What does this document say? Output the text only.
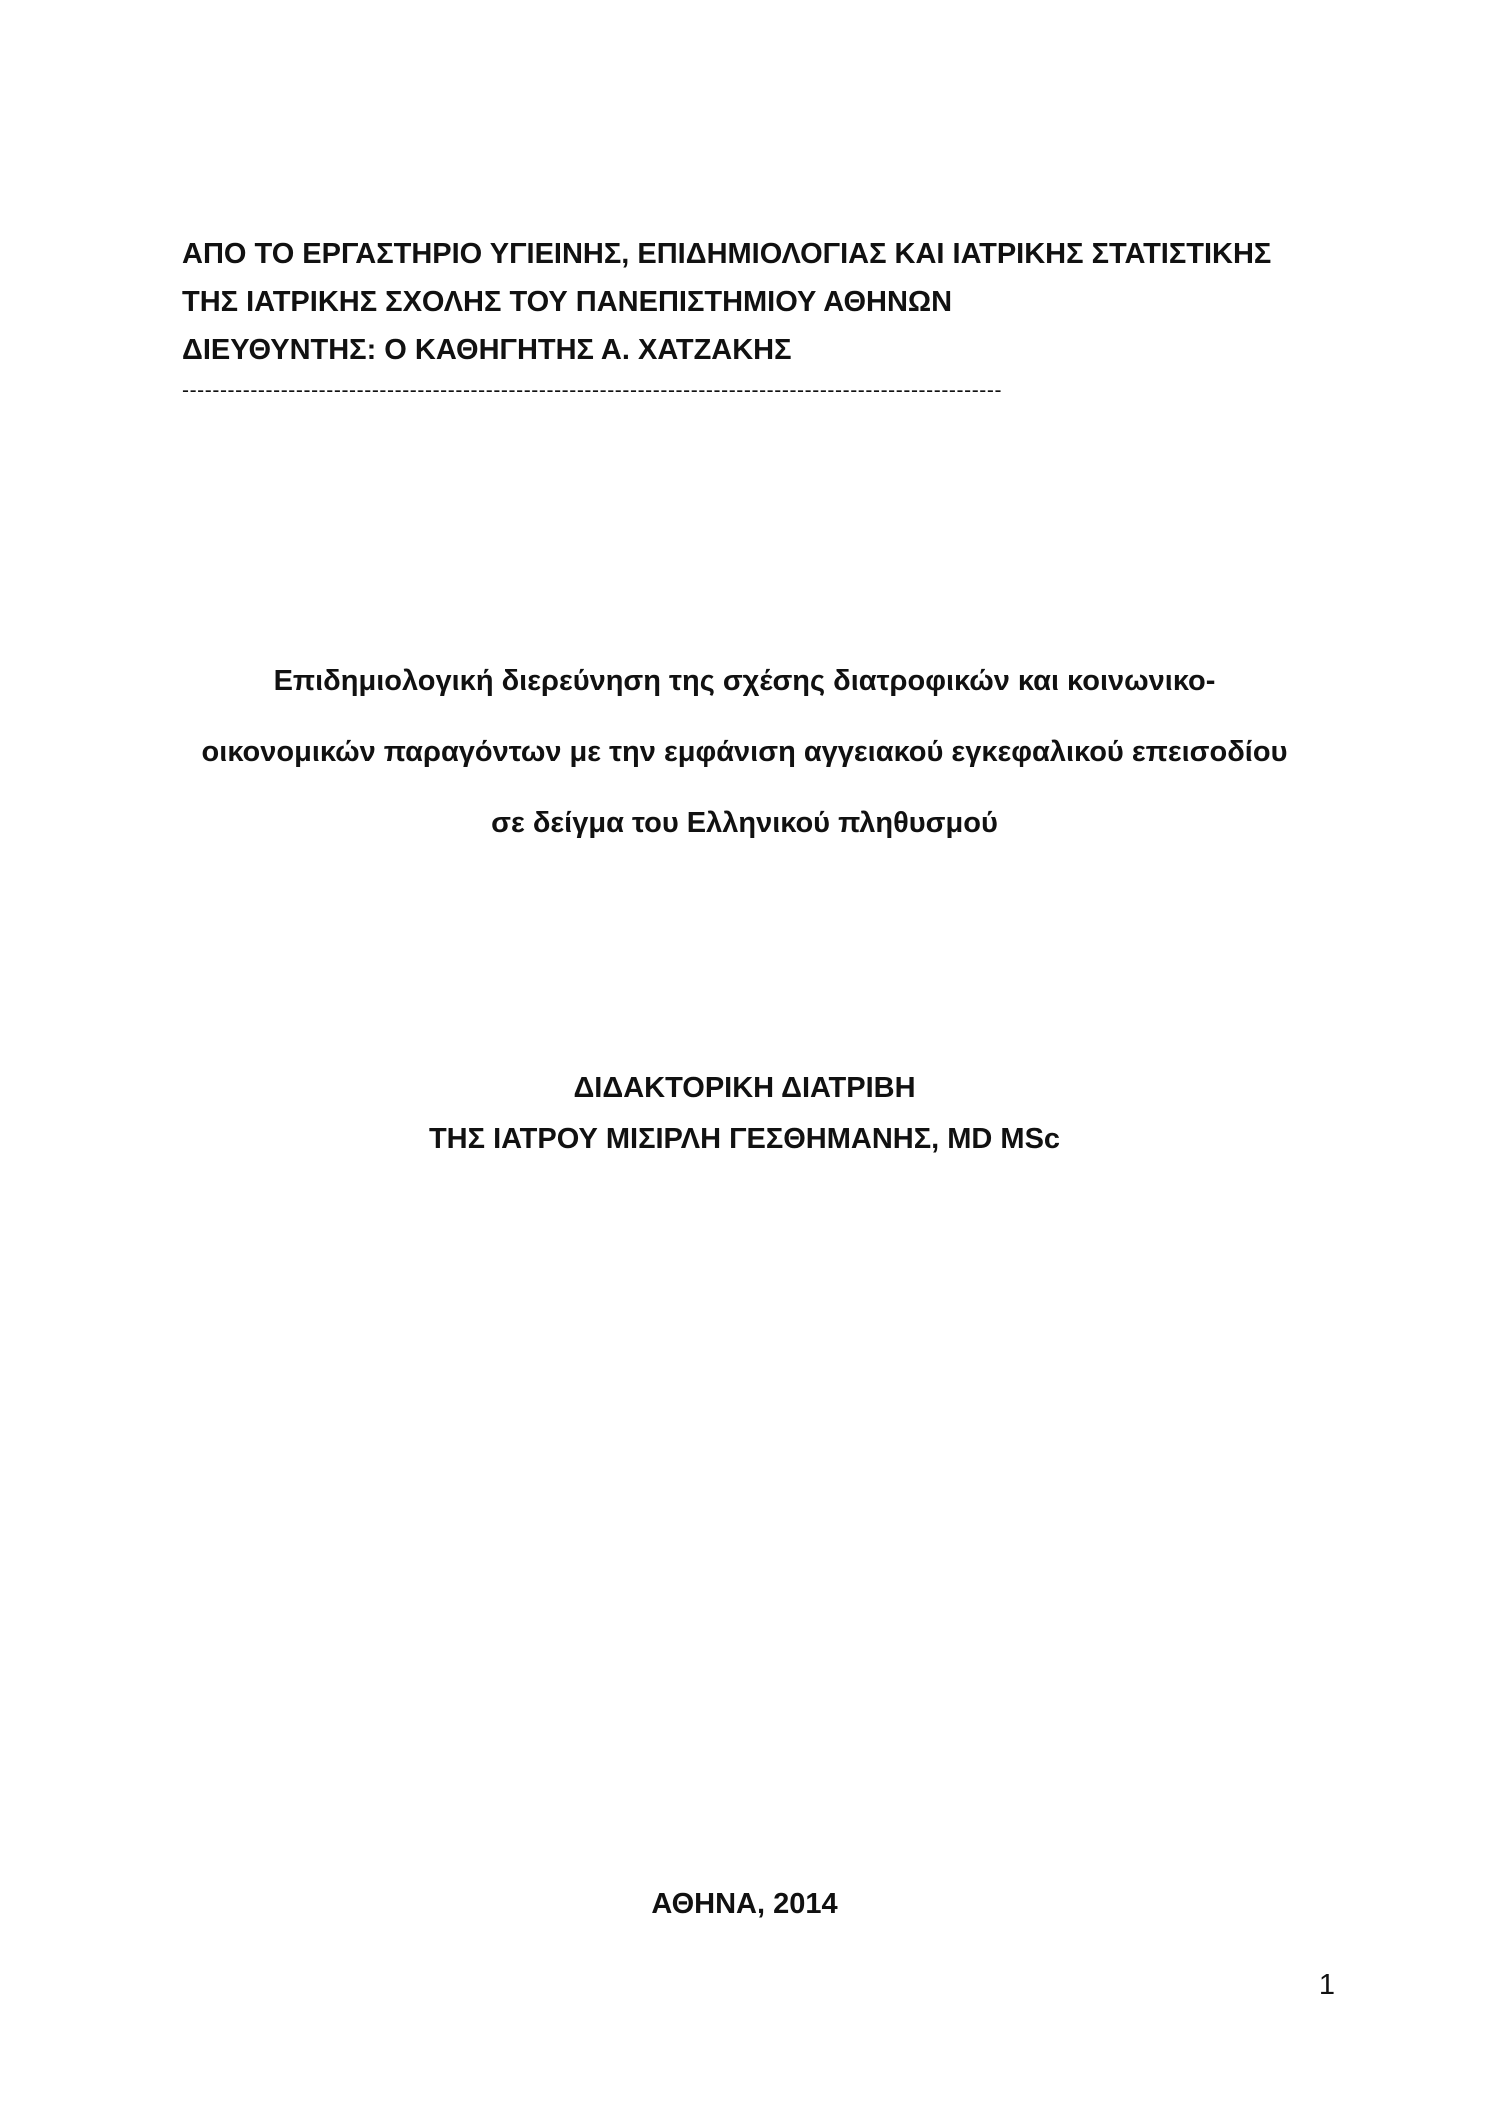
ΑΠΟ ΤΟ ΕΡΓΑΣΤΗΡΙΟ ΥΓΙΕΙΝΗΣ, ΕΠΙΔΗΜΙΟΛΟΓΙΑΣ ΚΑΙ ΙΑΤΡΙΚΗΣ ΣΤΑΤΙΣΤΙΚΗΣ
ΤΗΣ ΙΑΤΡΙΚΗΣ ΣΧΟΛΗΣ ΤΟΥ ΠΑΝΕΠΙΣΤΗΜΙΟΥ ΑΘΗΝΩΝ
ΔΙΕΥΘΥΝΤΗΣ: Ο ΚΑΘΗΓΗΤΗΣ Α. ΧΑΤΖΑΚΗΣ
------------------------------------------------------------------------------------------------------------
Επιδημιολογική διερεύνηση της σχέσης διατροφικών και κοινωνικο-
οικονομικών παραγόντων με την εμφάνιση αγγειακού εγκεφαλικού επεισοδίου
σε δείγμα του Ελληνικού πληθυσμού
ΔΙΔΑΚΤΟΡΙΚΗ ΔΙΑΤΡΙΒΗ
ΤΗΣ ΙΑΤΡΟΥ ΜΙΣΙΡΛΗ ΓΕΣΘΗΜΑΝΗΣ, MD MSc
ΑΘΗΝΑ, 2014
1
